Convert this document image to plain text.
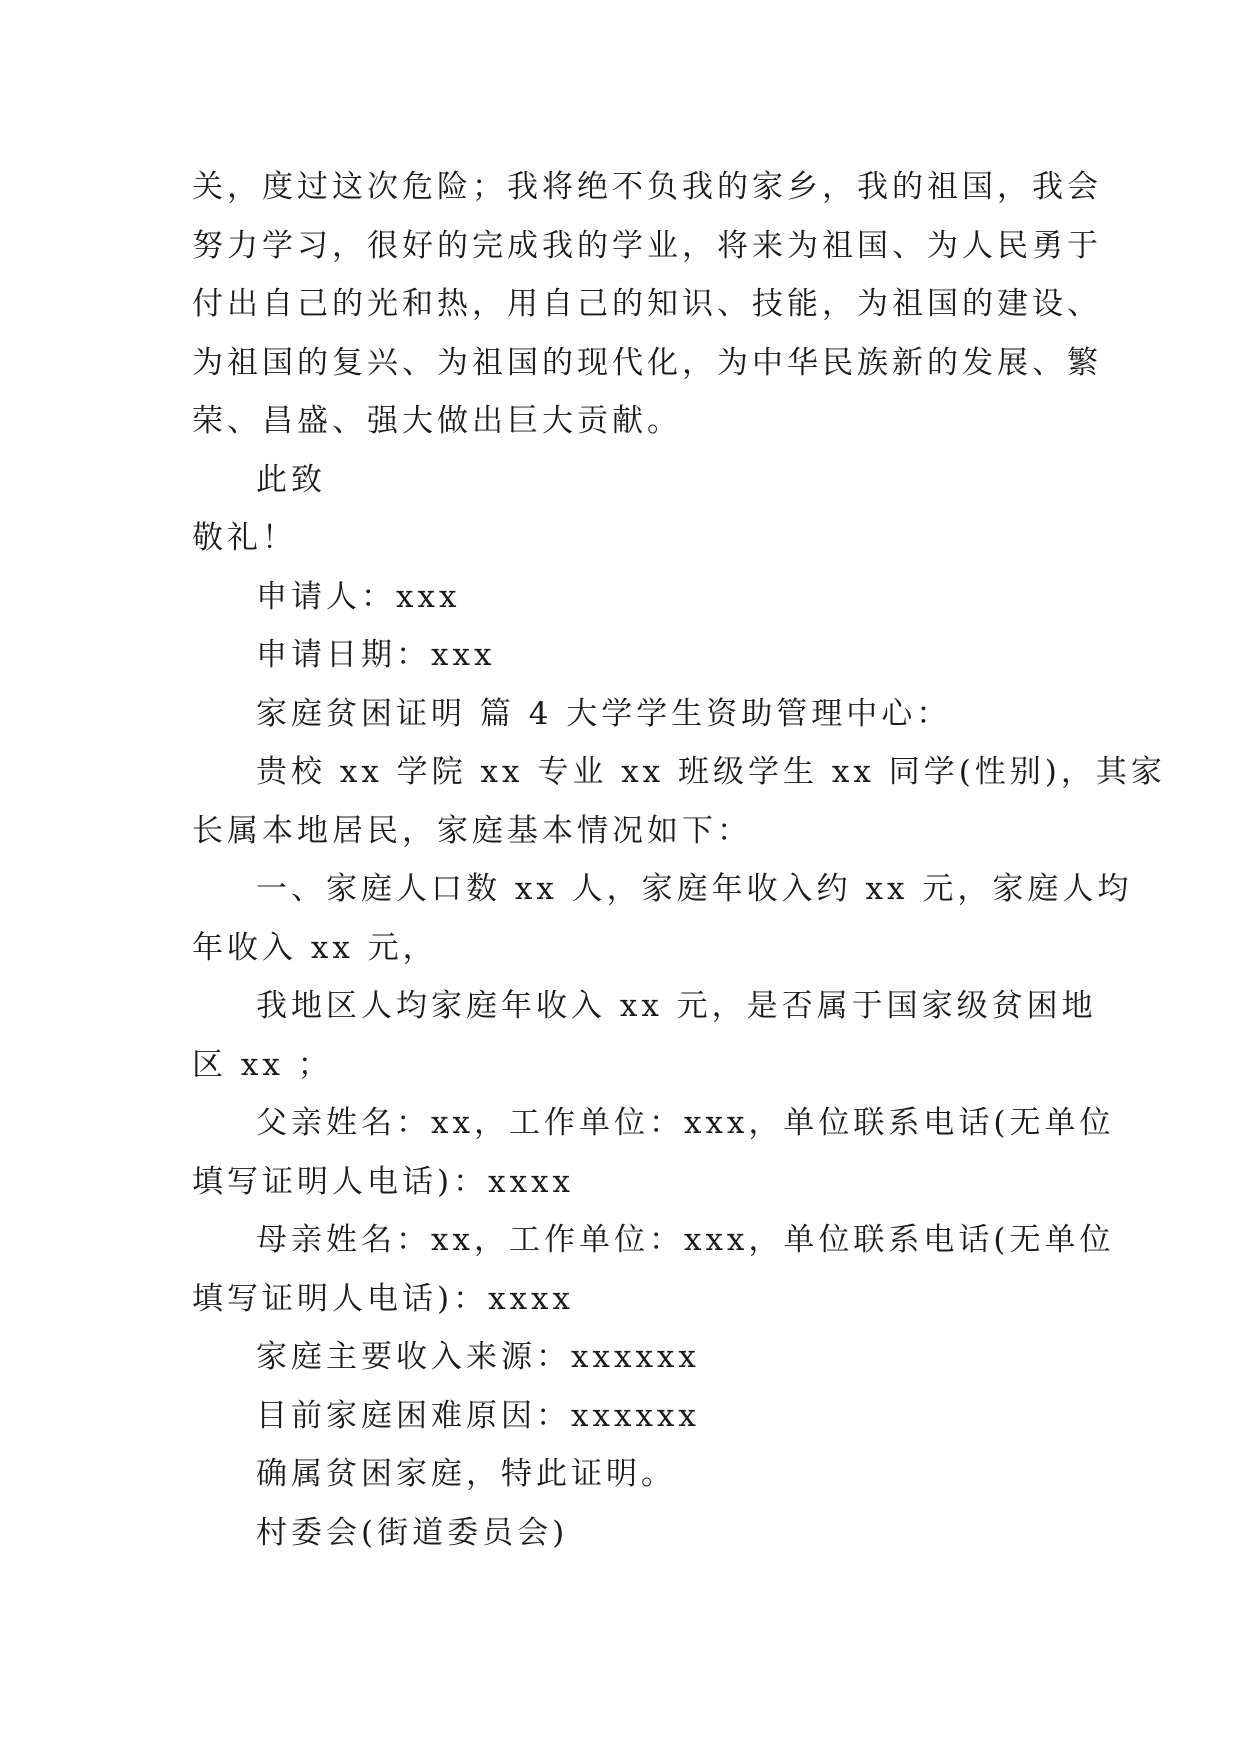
关，度过这次危险；我将绝不负我的家乡，我的祖国，我会
努力学习，很好的完成我的学业，将来为祖国、为人民勇于
付出自己的光和热，用自己的知识、技能，为祖国的建设、
为祖国的复兴、为祖国的现代化，为中华民族新的发展、繁
荣、昌盛、强大做出巨大贡献。
此致
敬礼！
申请人：xxx
申请日期：xxx
家庭贫困证明 篇 4 大学学生资助管理中心：
贵校 xx 学院 xx 专业 xx 班级学生 xx 同学(性别)，其家
长属本地居民，家庭基本情况如下：
一、家庭人口数 xx 人，家庭年收入约 xx 元，家庭人均
年收入 xx 元，
我地区人均家庭年收入 xx 元，是否属于国家级贫困地
区 xx ；
父亲姓名：xx，工作单位：xxx，单位联系电话(无单位
填写证明人电话)：xxxx
母亲姓名：xx，工作单位：xxx，单位联系电话(无单位
填写证明人电话)：xxxx
家庭主要收入来源：xxxxxx
目前家庭困难原因：xxxxxx
确属贫困家庭，特此证明。
村委会(街道委员会)
